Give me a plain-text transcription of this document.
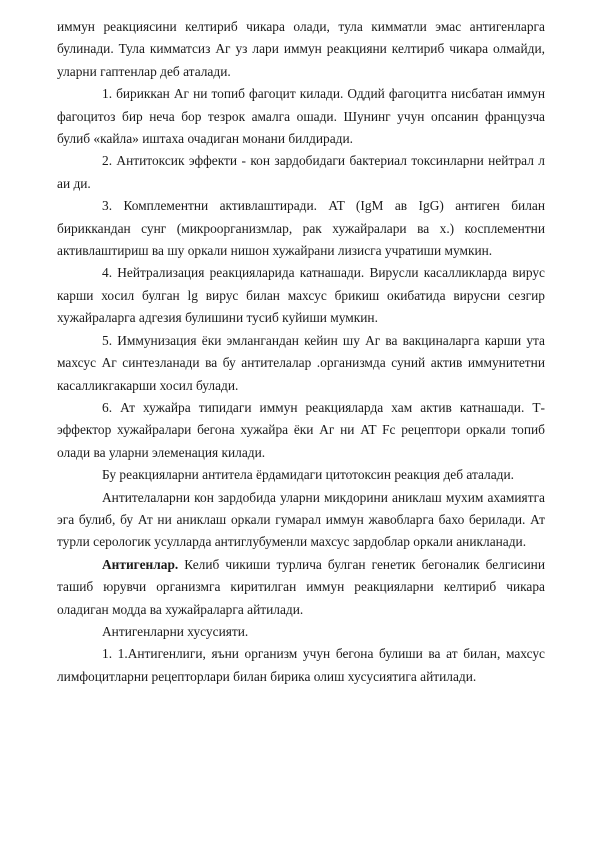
иммун реакциясини келтириб чикара олади, тула кимматли эмас антигенларга булинади. Тула кимматсиз Аг уз лари иммун реакцияни келтириб чикара олмайди, уларни гаптенлар деб аталади.

1. бириккан Аг ни топиб фагоцит килади. Оддий фагоцитга нисбатан иммун фагоцитоз бир неча бор тезрок амалга ошади. Шунинг учун опсанин французча булиб «кайла» иштаха очадиган монани билдиради.

2. Антитоксик эффекти - кон зардобидаги бактериал токсинларни нейтрал л аи ди.

3. Комплементни активлаштиради. AT (IgM ав IgG) антиген билан бириккандан сунг (микроорганизмлар, рак хужайралари ва х.) косплементни активлаштириш ва шу оркали нишон хужайрани лизисга учратиши мумкин.

4. Нейтрализация реакцияларида катнашади. Вирусли касалликларда вирус карши хосил булган lg вирус билан махсус брикиш окибатида вирусни сезгир хужайраларга адгезия булишини тусиб куйиши мумкин.

5. Иммунизация ёки эмлангандан кейин шу Аг ва вакциналарга карши ута махсус Аг синтезланади ва бу антителалар .организмда суний актив иммунитетни касалликгакарши хосил булади.

6. Ат хужайра типидаги иммун реакцияларда хам актив катнашади. Т-эффектор хужайралари бегона хужайра ёки Аг ни AT Fc рецептори оркали топиб олади ва уларни элеменация килади.

Бу реакцияларни антитела ёрдамидаги цитотоксин реакция деб аталади.

Антителаларни кон зардобида уларни микдорини аниклаш мухим ахамиятга эга булиб, бу Ат ни аниклаш оркали гумарал иммун жавобларга бахо берилади. Ат турли серологик усулларда антиглубуменли махсус зардоблар оркали аникланади.

Антигенлар. Келиб чикиши турлича булган генетик бегоналик белгисини ташиб юрувчи организмга киритилган иммун реакцияларни келтириб чикара оладиган модда ва хужайраларга айтилади.

Антигенларни хусусияти.

1. 1.Антигенлиги, яъни организм учун бегона булиши ва ат билан, махсус лимфоцитларни рецепторлари билан бирика олиш хусусиятига айтилади.
